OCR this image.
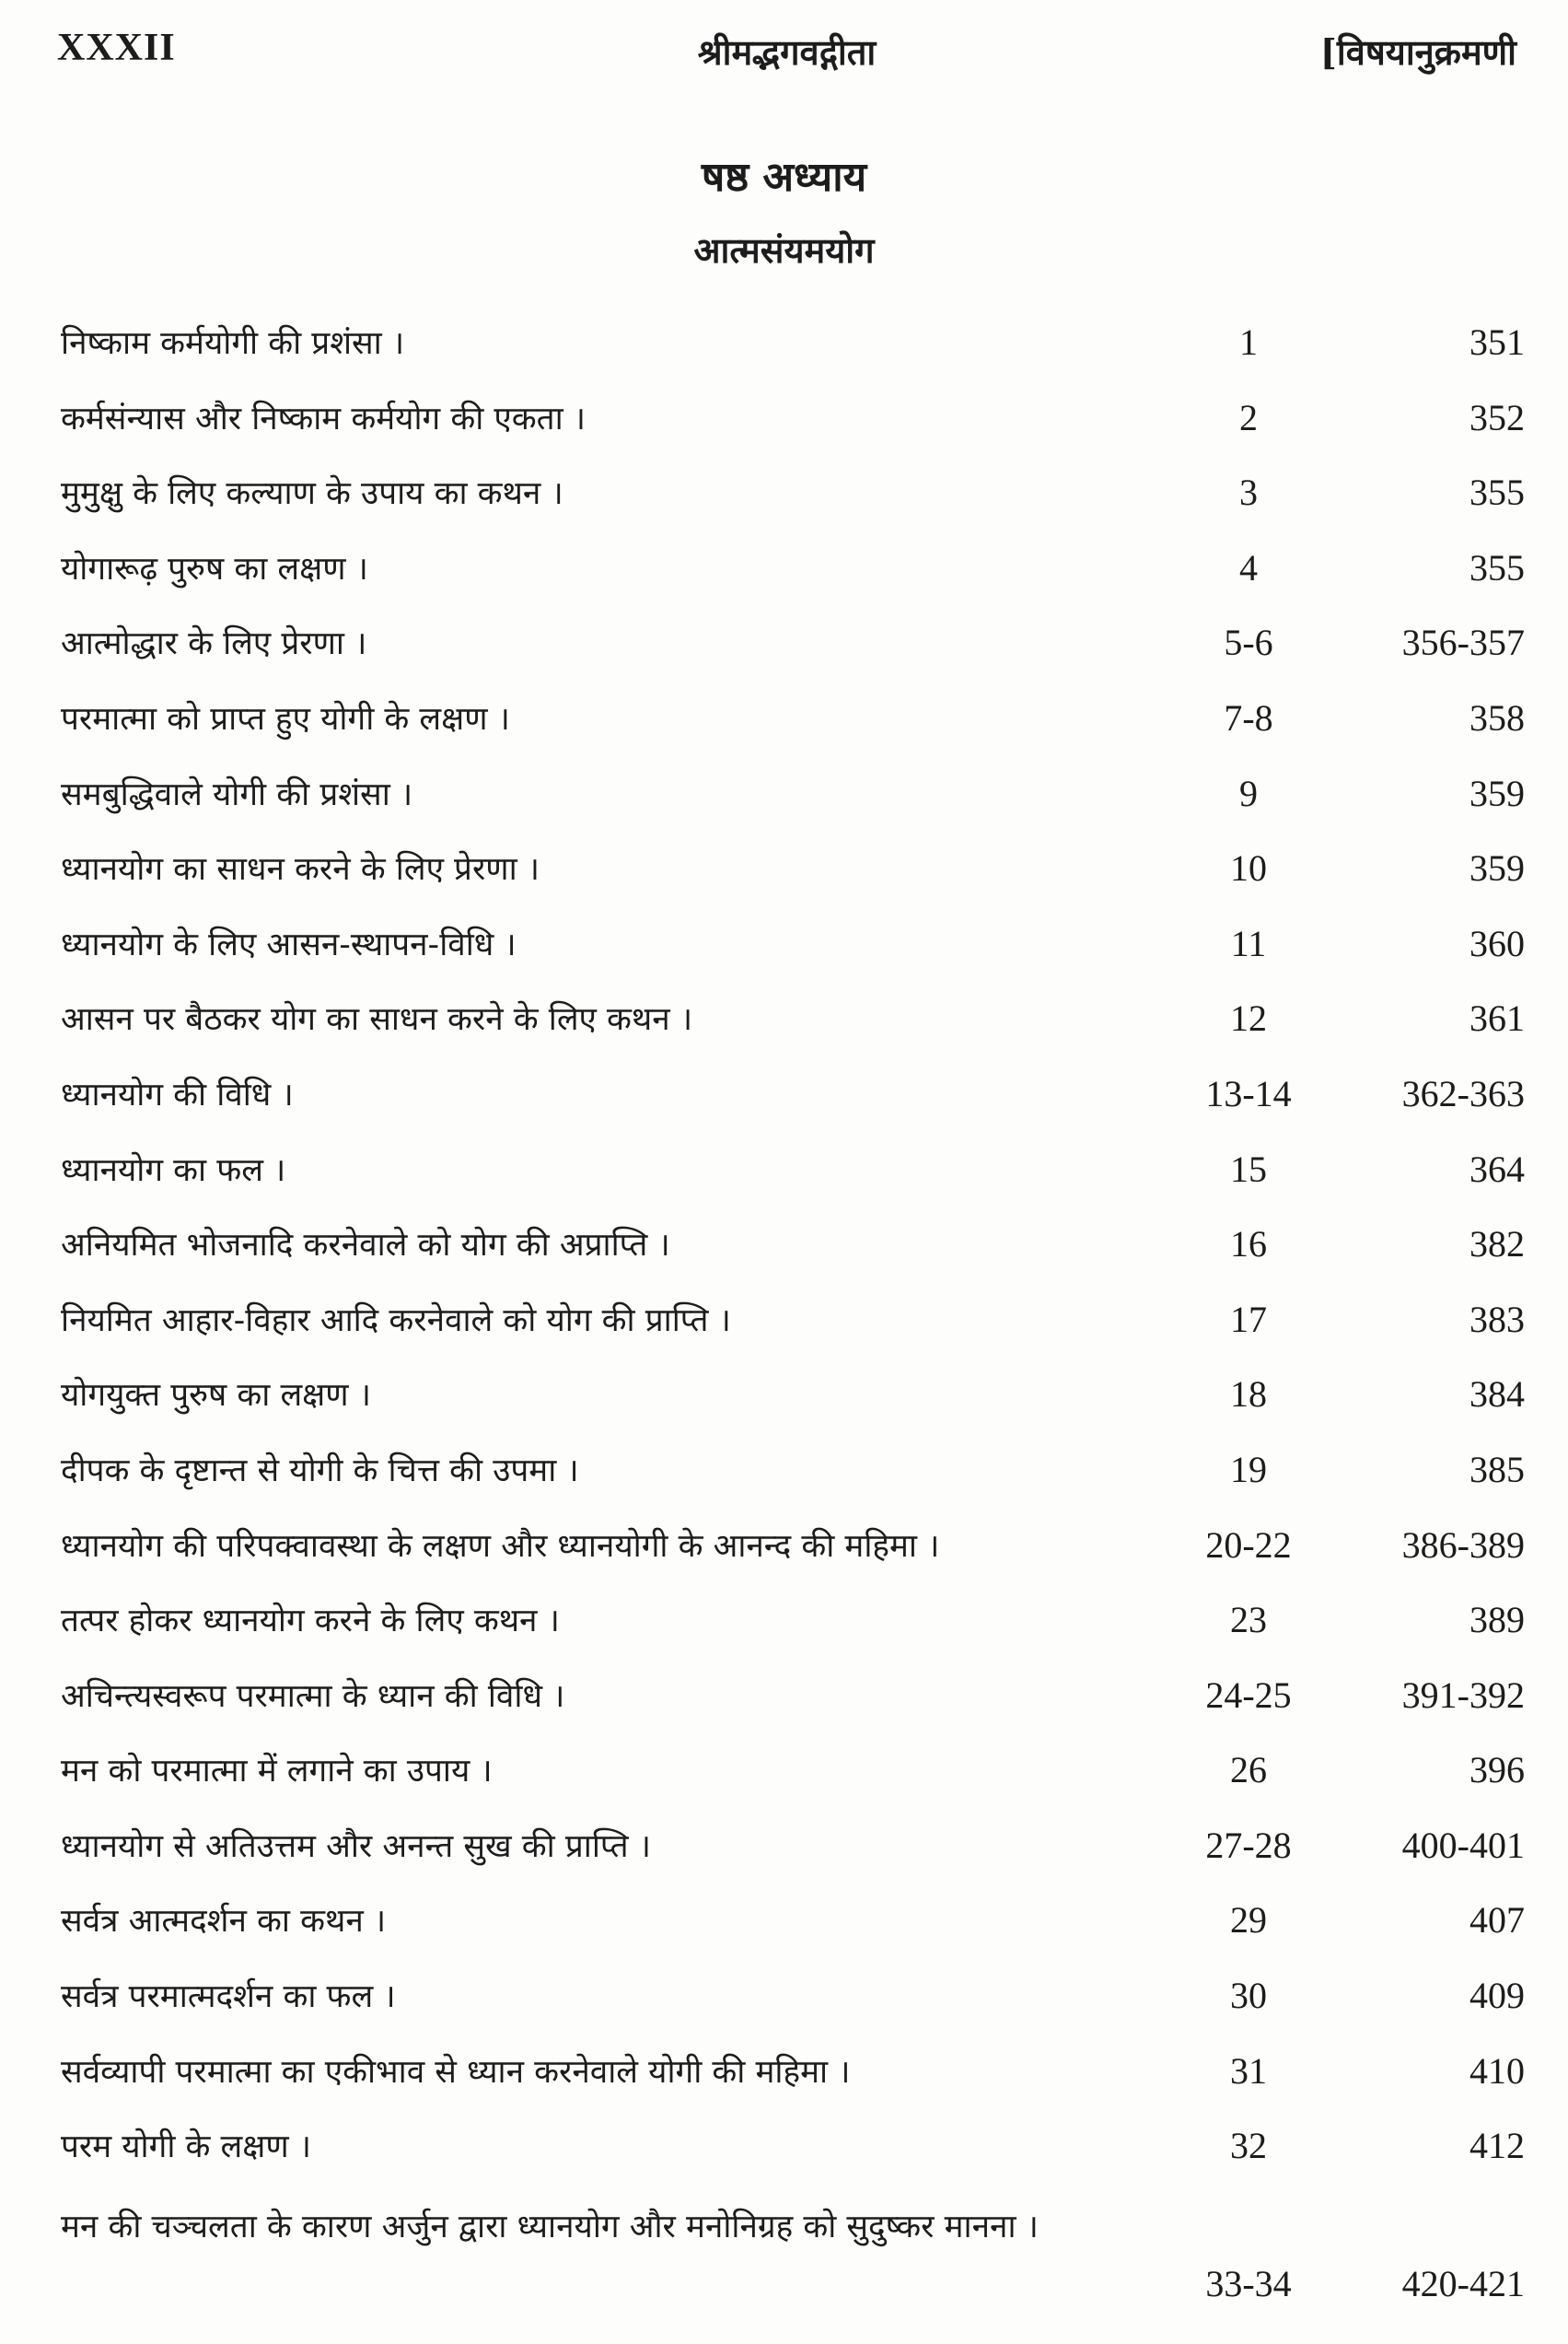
XXXII	श्रीमद्भगवद्गीता	[विषयानुक्रमणी
षष्ठ अध्याय
आत्मसंयमयोग
निष्काम कर्मयोगी की प्रशंसा ।	1	351
कर्मसंन्यास और निष्काम कर्मयोग की एकता ।	2	352
मुमुक्षु के लिए कल्याण के उपाय का कथन ।	3	355
योगारूढ़ पुरुष का लक्षण ।	4	355
आत्मोद्धार के लिए प्रेरणा ।	5-6	356-357
परमात्मा को प्राप्त हुए योगी के लक्षण ।	7-8	358
समबुद्धिवाले योगी की प्रशंसा ।	9	359
ध्यानयोग का साधन करने के लिए प्रेरणा ।	10	359
ध्यानयोग के लिए आसन-स्थापन-विधि ।	11	360
आसन पर बैठकर योग का साधन करने के लिए कथन ।	12	361
ध्यानयोग की विधि ।	13-14	362-363
ध्यानयोग का फल ।	15	364
अनियमित भोजनादि करनेवाले को योग की अप्राप्ति ।	16	382
नियमित आहार-विहार आदि करनेवाले को योग की प्राप्ति ।	17	383
योगयुक्त पुरुष का लक्षण ।	18	384
दीपक के दृष्टान्त से योगी के चित्त की उपमा ।	19	385
ध्यानयोग की परिपक्वावस्था के लक्षण और ध्यानयोगी के आनन्द की महिमा ।	20-22	386-389
तत्पर होकर ध्यानयोग करने के लिए कथन ।	23	389
अचिन्त्यस्वरूप परमात्मा के ध्यान की विधि ।	24-25	391-392
मन को परमात्मा में लगाने का उपाय ।	26	396
ध्यानयोग से अतिउत्तम और अनन्त सुख की प्राप्ति ।	27-28	400-401
सर्वत्र आत्मदर्शन का कथन ।	29	407
सर्वत्र परमात्मदर्शन का फल ।	30	409
सर्वव्यापी परमात्मा का एकीभाव से ध्यान करनेवाले योगी की महिमा ।	31	410
परम योगी के लक्षण ।	32	412
मन की चञ्चलता के कारण अर्जुन द्वारा ध्यानयोग और मनोनिग्रह को सुदुष्कर मानना ।
33-34	420-421
